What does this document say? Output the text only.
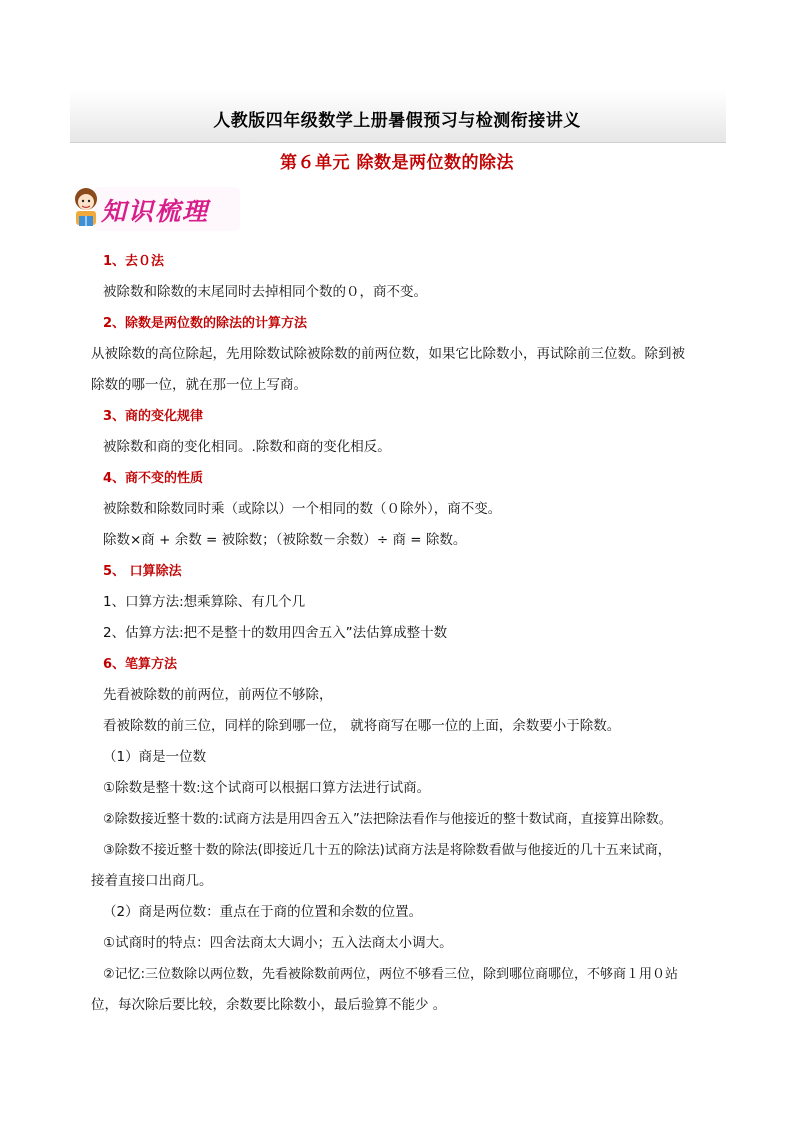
人教版四年级数学上册暑假预习与检测衔接讲义
第６单元 除数是两位数的除法
知识梳理

1、去０法

被除数和除数的末尾同时去掉相同个数的０，商不变。

2、除数是两位数的除法的计算方法

从被除数的高位除起，先用除数试除被除数的前两位数，如果它比除数小，再试除前三位数。除到被

除数的哪一位，就在那一位上写商。

3、商的变化规律

被除数和商的变化相同。.除数和商的变化相反。

4、商不变的性质

被除数和除数同时乘（或除以）一个相同的数（０除外），商不变。

除数×商 + 余数 = 被除数；（被除数－余数）÷ 商 = 除数。

5、 口算除法

1、口算方法:想乘算除、有几个几

2、估算方法:把不是整十的数用四舍五入”法估算成整十数

6、笔算方法

先看被除数的前两位，前两位不够除，

看被除数的前三位，同样的除到哪一位， 就将商写在哪一位的上面，余数要小于除数。

（1）商是一位数

①除数是整十数:这个试商可以根据口算方法进行试商。

②除数接近整十数的:试商方法是用四舍五入”法把除法看作与他接近的整十数试商，直接算出除数。

③除数不接近整十数的除法(即接近几十五的除法)试商方法是将除数看做与他接近的几十五来试商，

接着直接口出商几。

（2）商是两位数：重点在于商的位置和余数的位置。

①试商时的特点：四舍法商太大调小；五入法商太小调大。

②记忆:三位数除以两位数，先看被除数前两位，两位不够看三位，除到哪位商哪位，不够商１用０站

位，每次除后要比较，余数要比除数小，最后验算不能少 。
